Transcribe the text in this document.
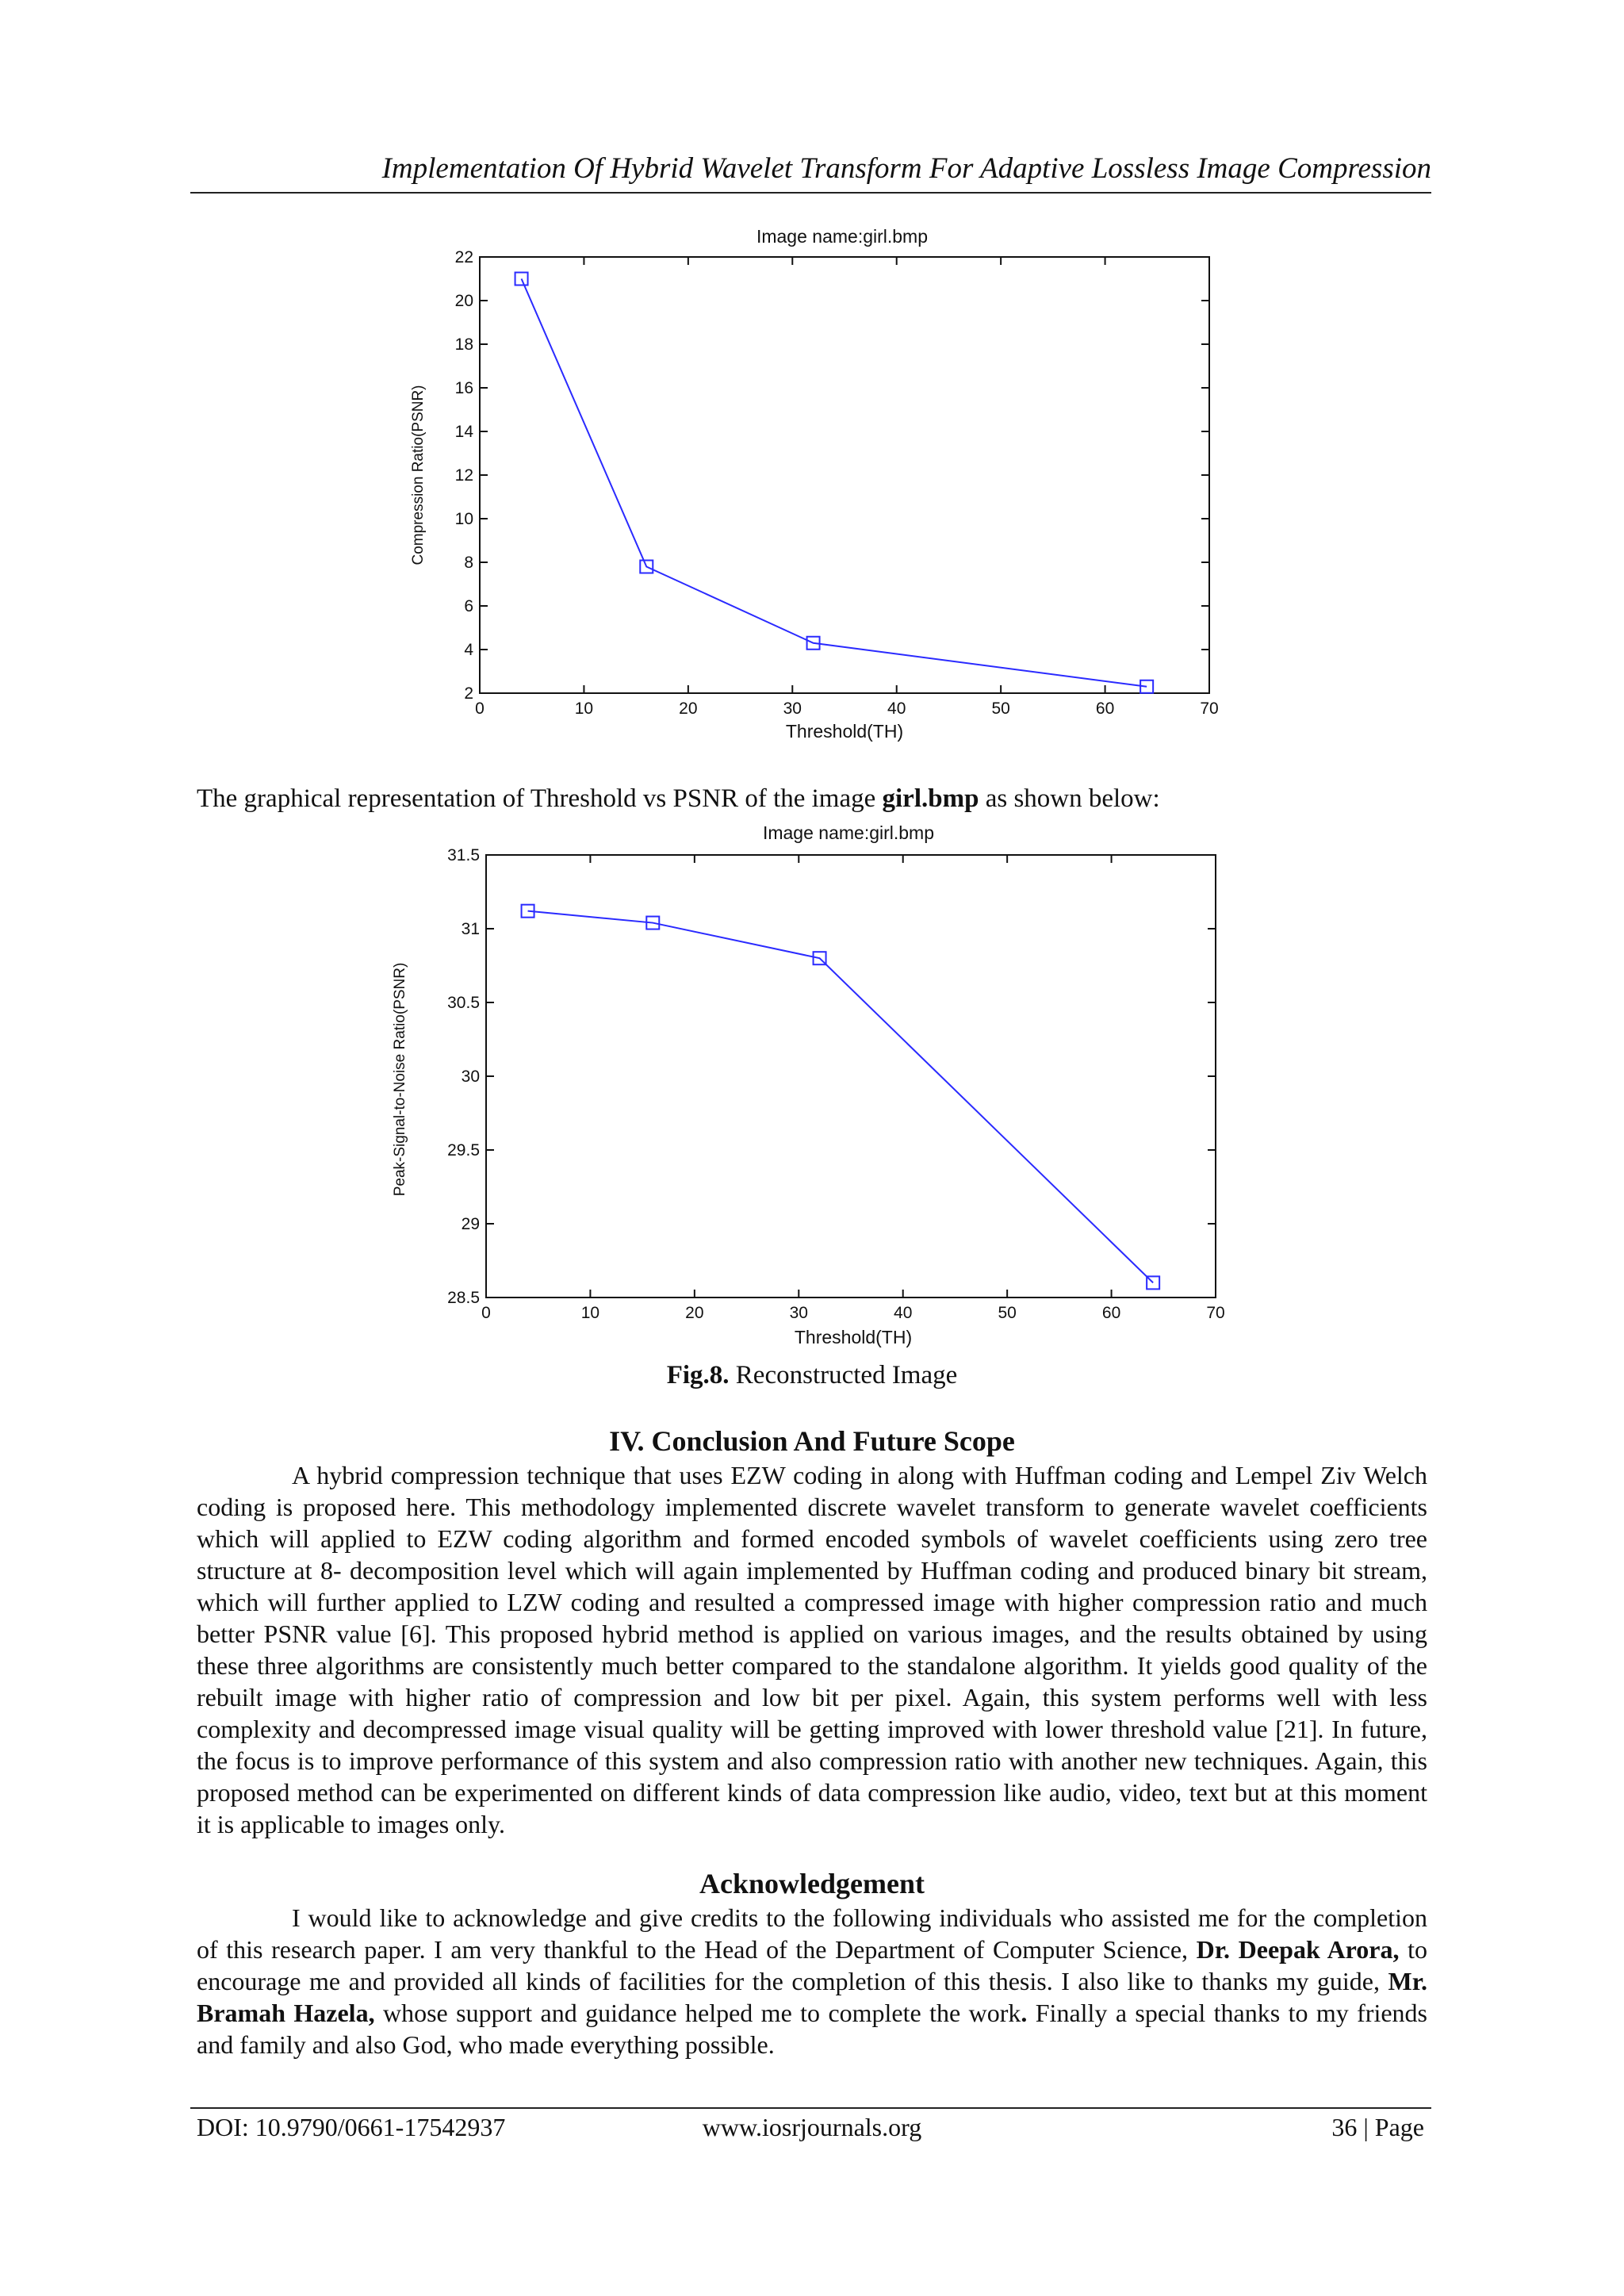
Implementation Of Hybrid Wavelet Transform For Adaptive Lossless Image Compression
Image name:girl.bmp
0	10	20	30	40	50	60	70
2
4
6
8
10
12
14
16
18
20
22
Threshold(TH)
Compression Ratio(PSNR)

The graphical representation of Threshold vs PSNR of the image girl.bmp as shown below:

Image name:girl.bmp
0	10	20	30	40	50	60	70
28.5
29
29.5
30
30.5
31
31.5
Threshold(TH)
Peak-Signal-to-Noise Ratio(PSNR)
Fig.8. Reconstructed Image
IV. Conclusion And Future Scope

A hybrid compression technique that uses EZW coding in along with Huffman coding and Lempel Ziv Welch coding is proposed here. This methodology implemented discrete wavelet transform to generate wavelet coefficients which will applied to EZW coding algorithm and formed encoded symbols of wavelet coefficients using zero tree structure at 8- decomposition level which will again implemented by Huffman coding and produced binary bit stream, which will further applied to LZW coding and resulted a compressed image with higher compression ratio and much better PSNR value [6]. This proposed hybrid method is applied on various images, and the results obtained by using these three algorithms are consistently much better compared to the standalone algorithm. It yields good quality of the rebuilt image with higher ratio of compression and low bit per pixel. Again, this system performs well with less complexity and decompressed image visual quality will be getting improved with lower threshold value [21]. In future, the focus is to improve performance of this system and also compression ratio with another new techniques. Again, this proposed method can be experimented on different kinds of data compression like audio, video, text but at this moment it is applicable to images only.

Acknowledgement

I would like to acknowledge and give credits to the following individuals who assisted me for the completion of this research paper. I am very thankful to the Head of the Department of Computer Science, Dr. Deepak Arora, to encourage me and provided all kinds of facilities for the completion of this thesis. I also like to thanks my guide, Mr. Bramah Hazela, whose support and guidance helped me to complete the work. Finally a special thanks to my friends and family and also God, who made everything possible.

DOI: 10.9790/0661-17542937	www.iosrjournals.org	36 | Page
